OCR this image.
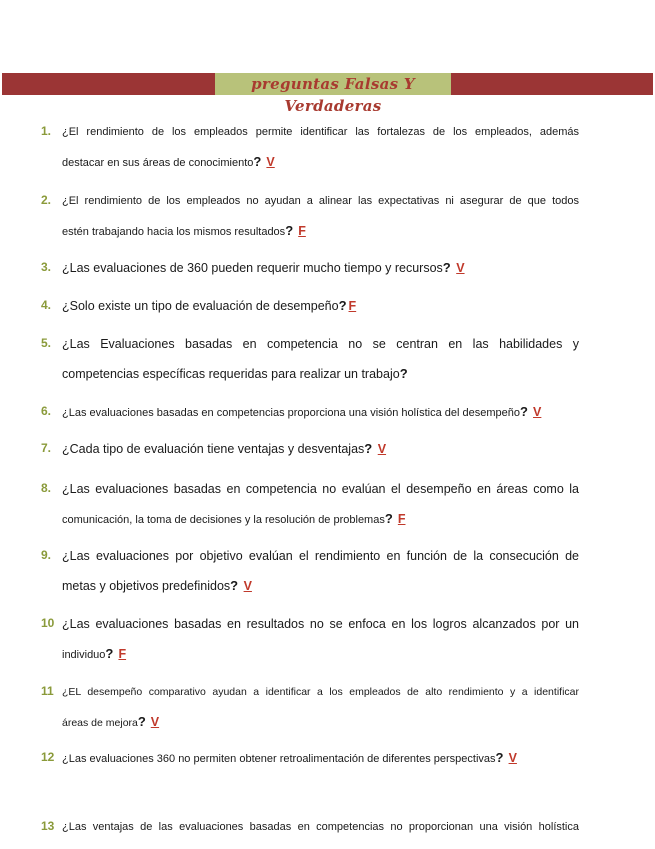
preguntas Falsas Y Verdaderas
1. ¿El rendimiento de los empleados permite identificar las fortalezas de los empleados, además
destacar en sus áreas de conocimiento? V
2. ¿El rendimiento de los empleados no ayudan a alinear las expectativas ni asegurar de que todos
estén trabajando hacia los mismos resultados? F
3. ¿Las evaluaciones de 360 pueden requerir mucho tiempo y recursos? V
4. ¿Solo existe un tipo de evaluación de desempeño? F
5. ¿Las Evaluaciones basadas en competencia no se centran en las habilidades y
competencias específicas requeridas para realizar un trabajo?
6. ¿Las evaluaciones basadas en competencias proporciona una visión holística del desempeño? V
7. ¿Cada tipo de evaluación tiene ventajas y desventajas? V
8. ¿Las evaluaciones basadas en competencia no evalúan el desempeño en áreas como la
comunicación, la toma de decisiones y la resolución de problemas? F
9. ¿Las evaluaciones por objetivo evalúan el rendimiento en función de la consecución de
metas y objetivos predefinidos? V
10 ¿Las evaluaciones basadas en resultados no se enfoca en los logros alcanzados por un
individuo? F
11 ¿EL desempeño comparativo ayudan a identificar a los empleados de alto rendimiento y a identificar
áreas de mejora? V
12 ¿Las evaluaciones 360 no permiten obtener retroalimentación de diferentes perspectivas? V
13 ¿Las ventajas de las evaluaciones basadas en competencias no proporcionan una visión holística
